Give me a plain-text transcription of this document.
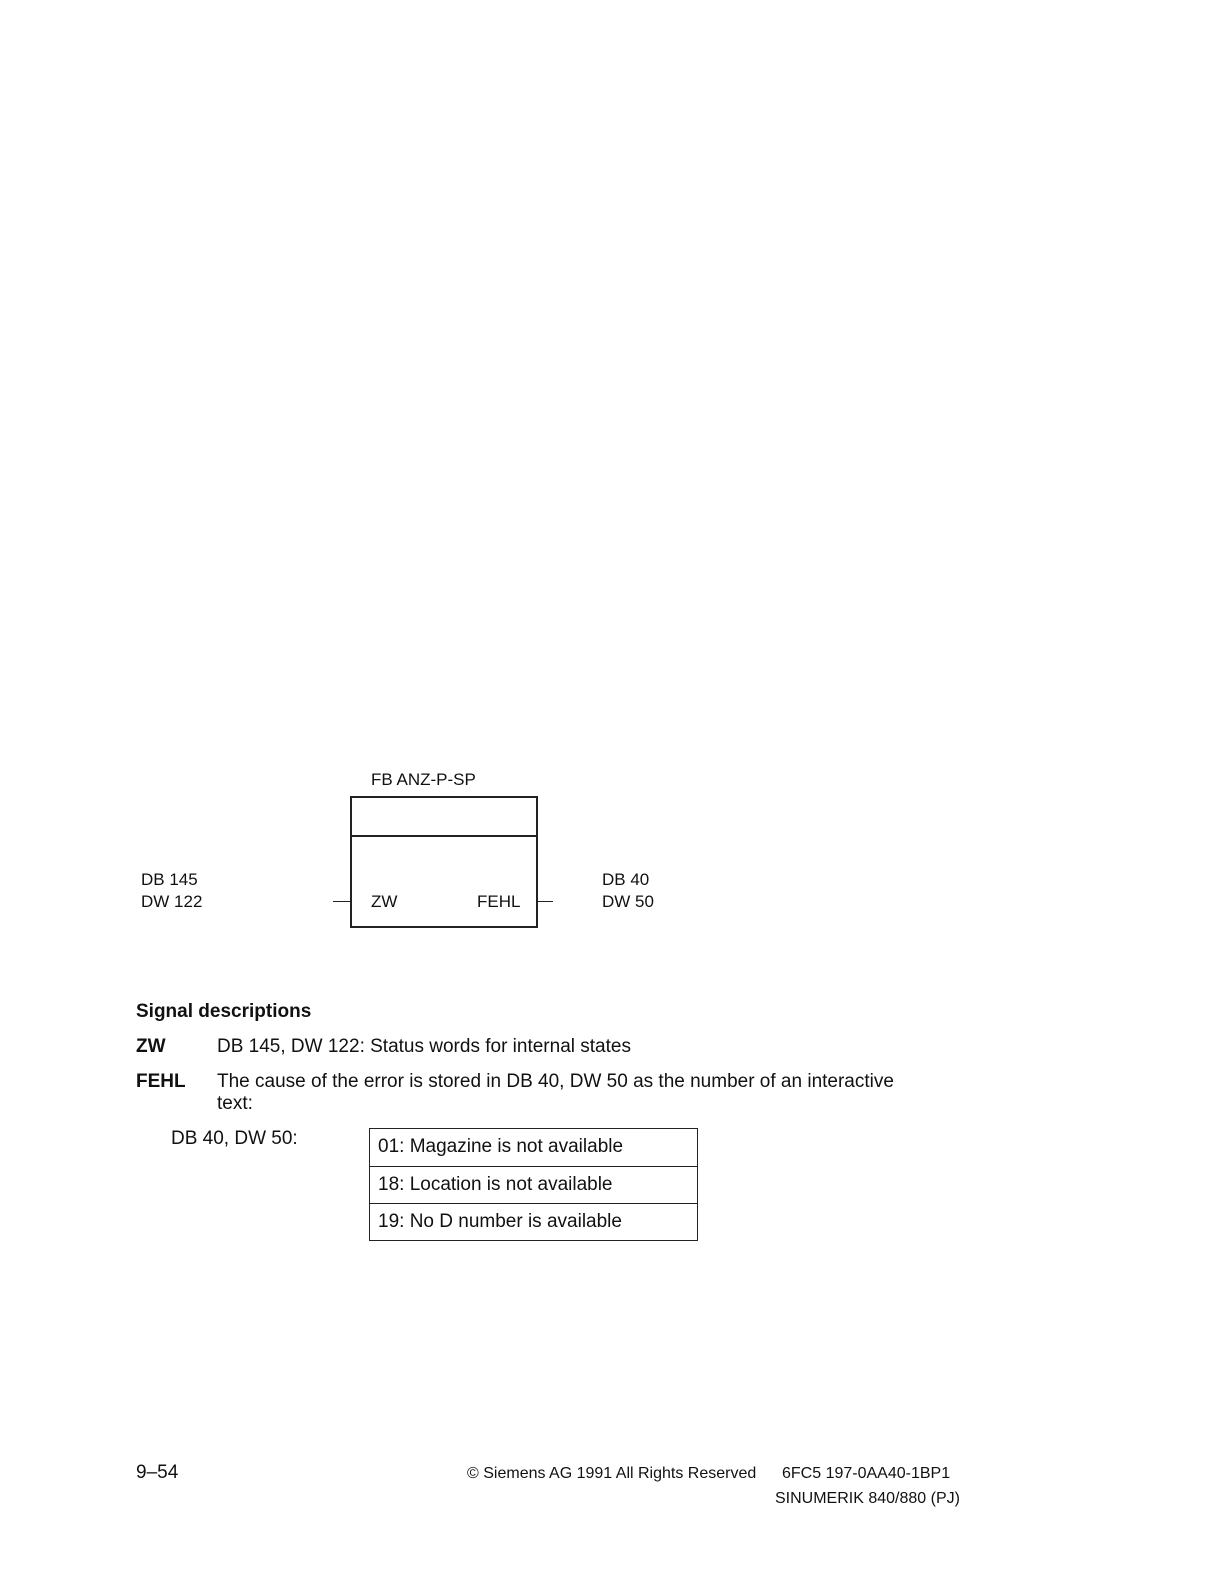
FB ANZ-P-SP
DB 145
DW 122	ZW	FEHL
DB 40
DW 50
Signal descriptions
ZW	DB 145, DW 122: Status words for internal states
FEHL The cause of the error is stored in DB 40, DW 50 as the number of an interactive
text:
DB 40, DW 50:	01: Magazine is not available
18: Location is not available
19: No D number is available
9–54	© Siemens AG 1991 All Rights Reserved 6FC5 197-0AA40-1BP1
SINUMERIK 840/880 (PJ)
